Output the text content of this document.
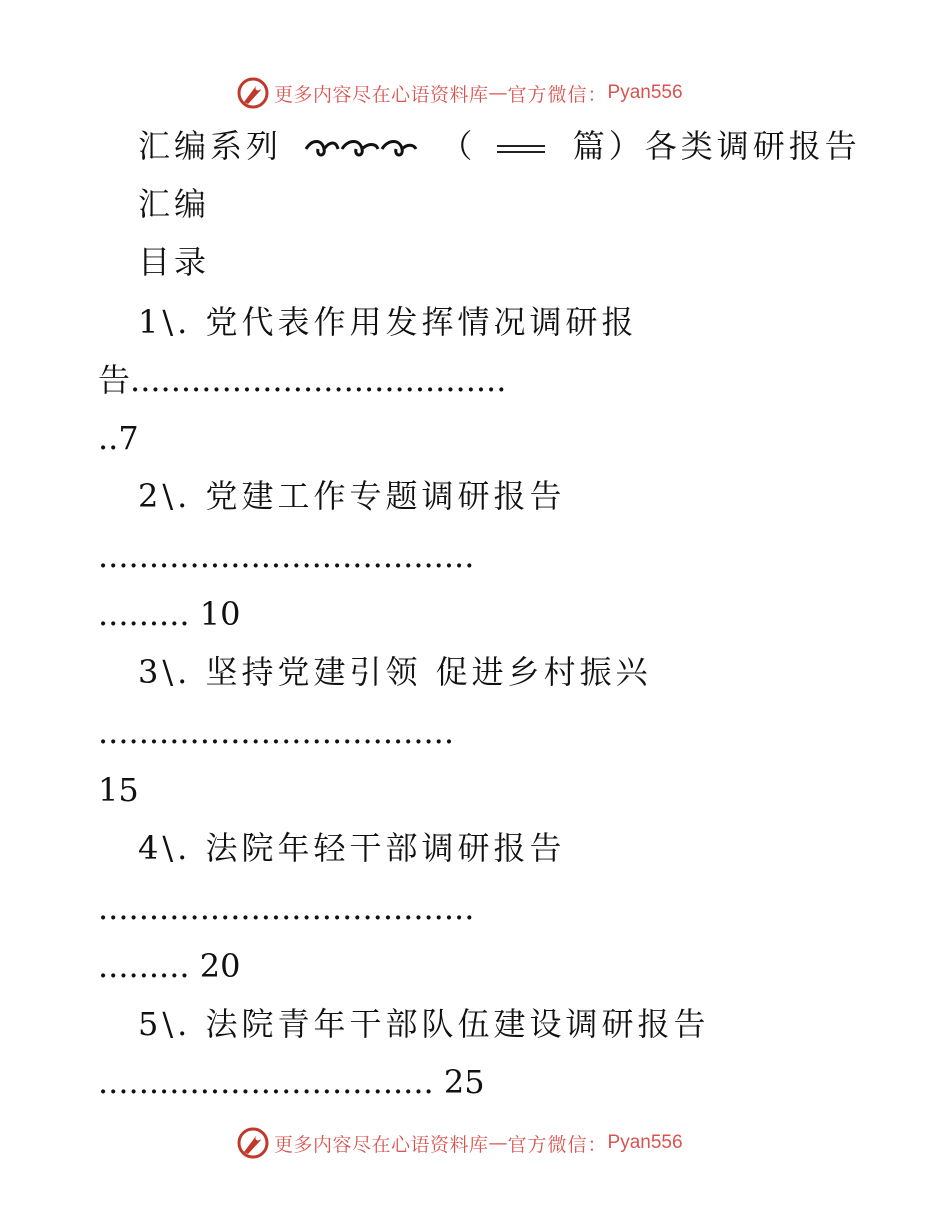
更多内容尽在心语资料库 — 官方微信： Pyan556
汇编系列	（	篇）各类调研报告
汇编
目录
1\. 党代表作用发挥情况调研报
告.....................................
..7
2\. 党建工作专题调研报告
.....................................
......... 10
3\. 坚持党建引领 促进乡村振兴
...................................
15
4\. 法院年轻干部调研报告
.....................................
......... 20
5\. 法院青年干部队伍建设调研报告
................................. 25
更多内容尽在心语资料库 — 官方微信： Pyan556
